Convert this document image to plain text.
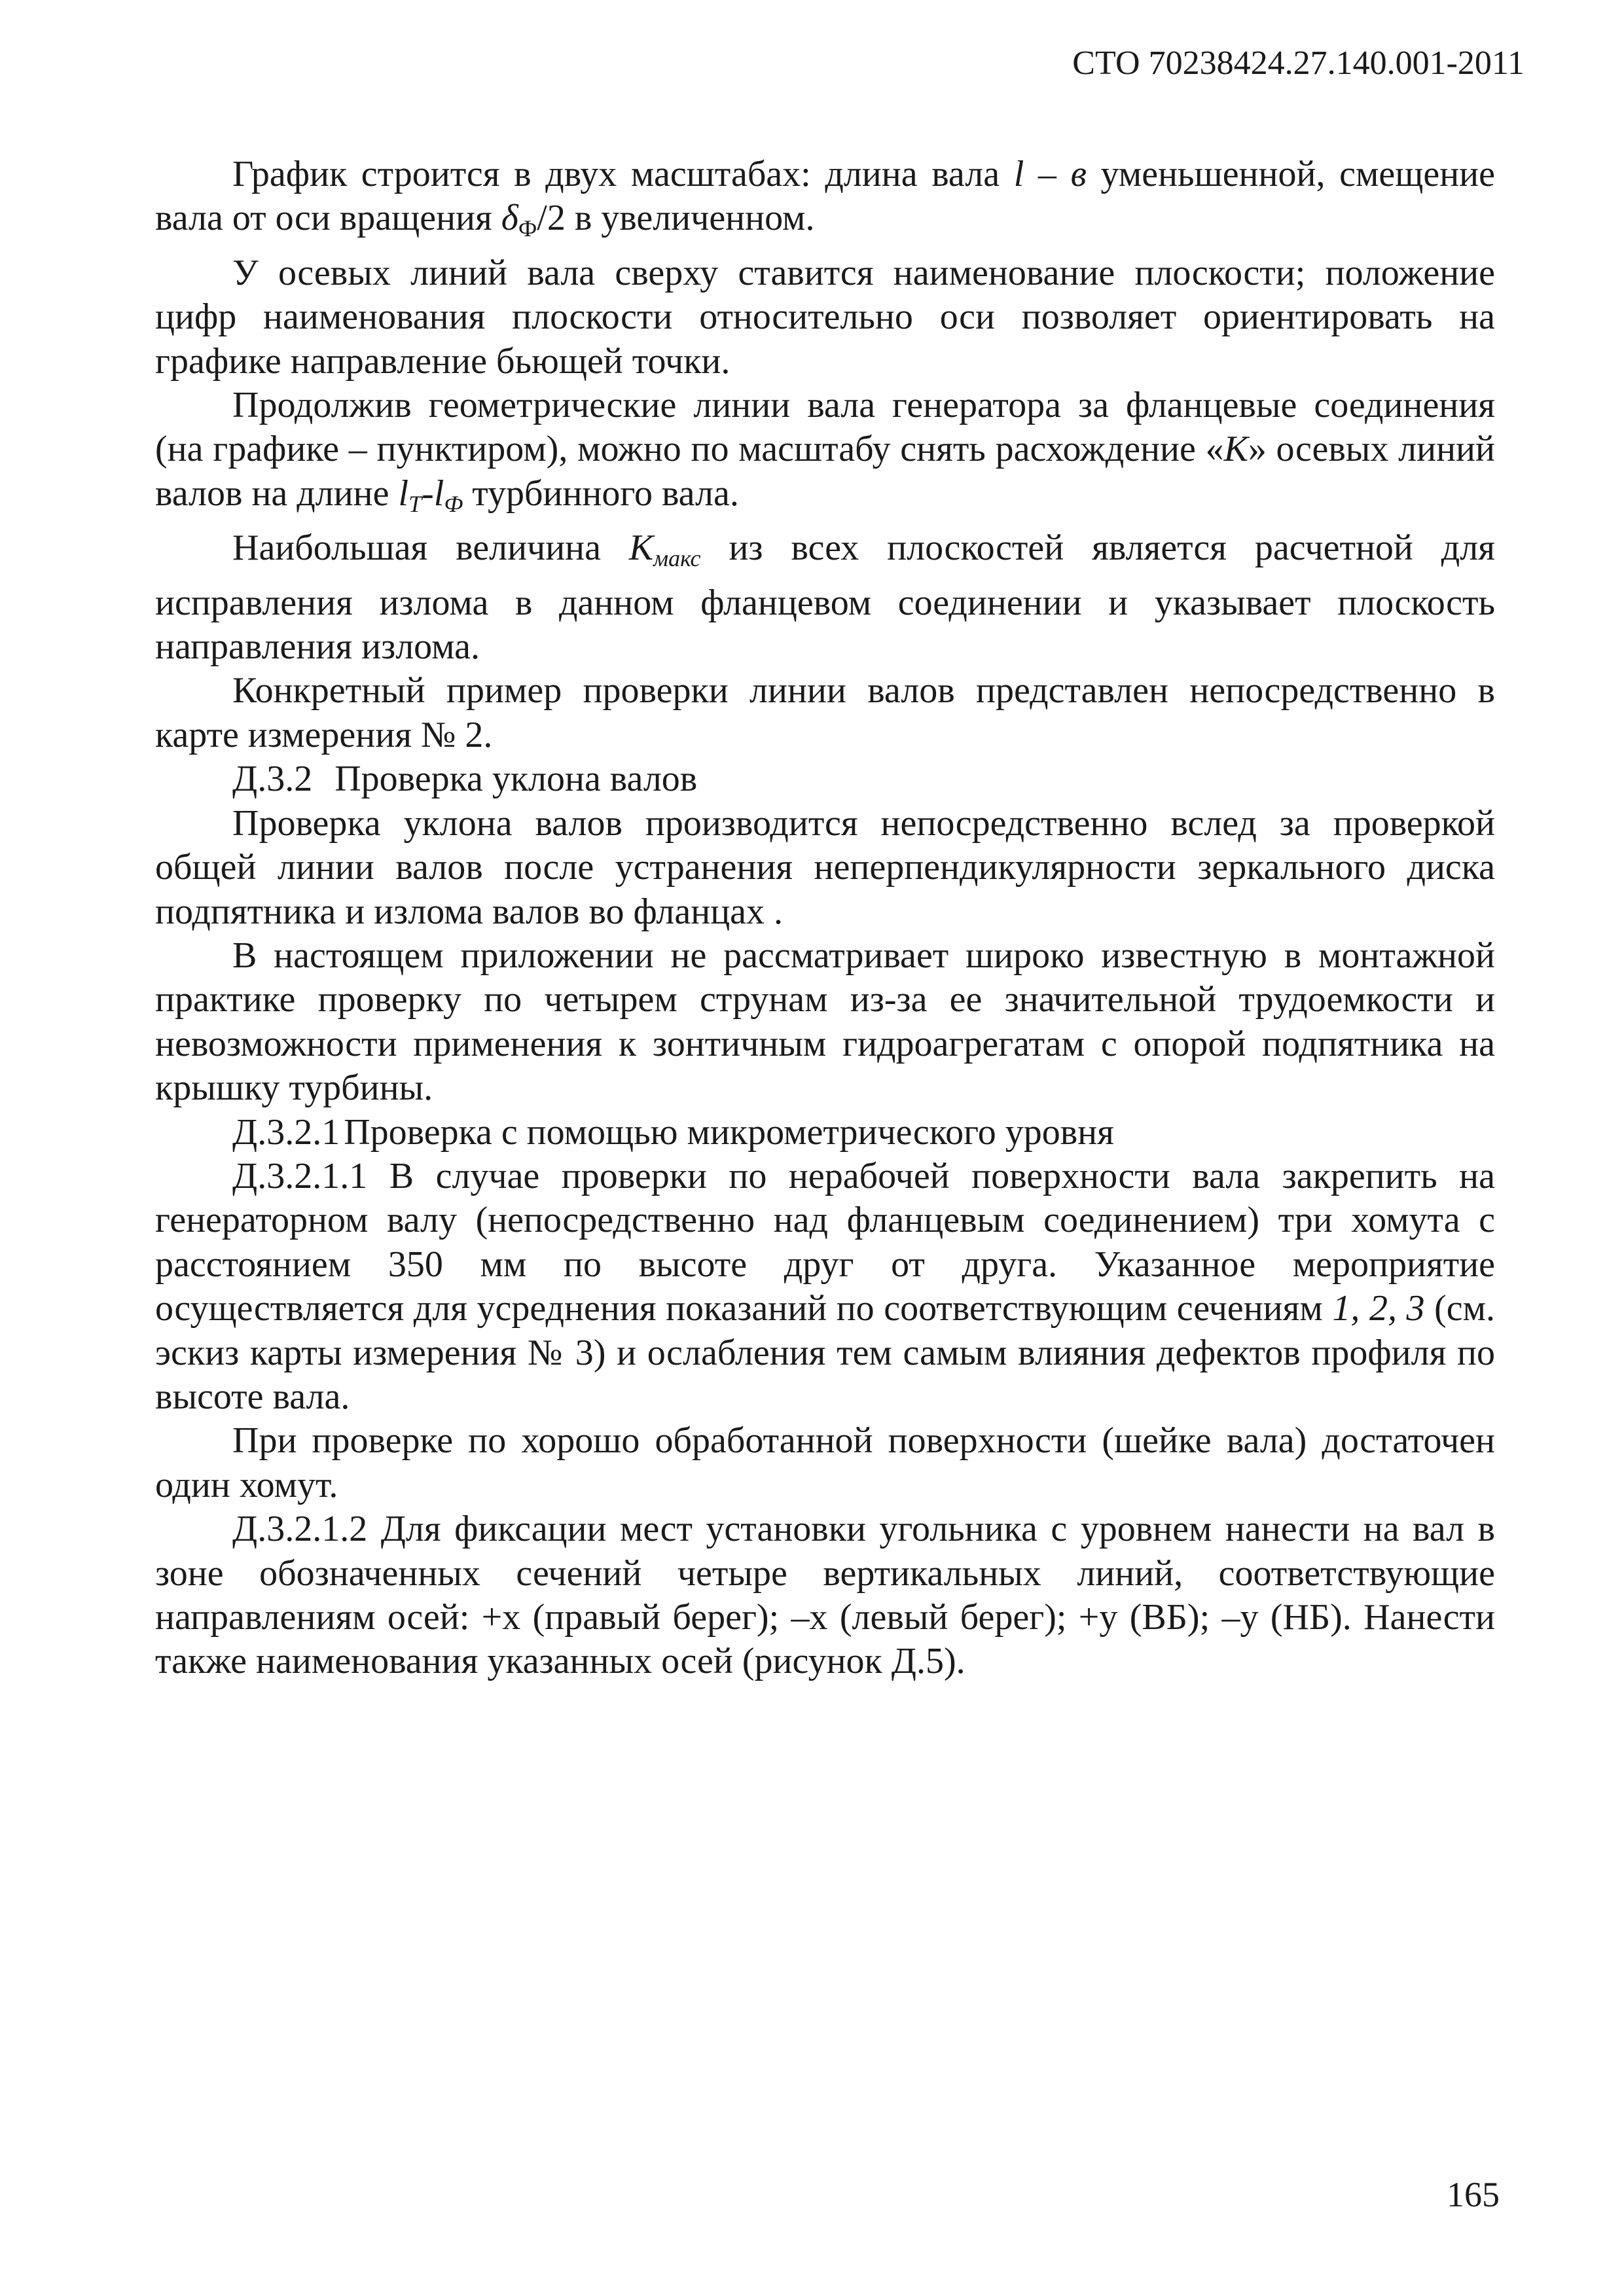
СТО 70238424.27.140.001-2011

График строится в двух масштабах: длина вала l – в уменьшенной, смещение вала от оси вращения $\delta_Ф/2$ в увеличенном.

У осевых линий вала сверху ставится наименование плоскости; положение цифр наименования плоскости относительно оси позволяет ориентировать на графике направление бьющей точки.

Продолжив геометрические линии вала генератора за фланцевые соединения (на графике – пунктиром), можно по масштабу снять расхождение «К» осевых линий валов на длине lT-lФ турбинного вала.

Наибольшая величина Кмакс из всех плоскостей является расчетной для исправления излома в данном фланцевом соединении и указывает плоскость направления излома.

Конкретный пример проверки линии валов представлен непосредственно в карте измерения № 2.

Д.3.2 Проверка уклона валов

Проверка уклона валов производится непосредственно вслед за проверкой общей линии валов после устранения неперпендикулярности зеркального диска подпятника и излома валов во фланцах .

В настоящем приложении не рассматривает широко известную в монтажной практике проверку по четырем струнам из-за ее значительной трудоемкости и невозможности применения к зонтичным гидроагрегатам с опорой подпятника на крышку турбины.

Д.3.2.1 Проверка с помощью микрометрического уровня

Д.3.2.1.1 В случае проверки по нерабочей поверхности вала закрепить на генераторном валу (непосредственно над фланцевым соединением) три хомута с расстоянием 350 мм по высоте друг от друга. Указанное мероприятие осуществляется для усреднения показаний по соответствующим сечениям 1, 2, 3 (см. эскиз карты измерения № 3) и ослабления тем самым влияния дефектов профиля по высоте вала.

При проверке по хорошо обработанной поверхности (шейке вала) достаточен один хомут.

Д.3.2.1.2 Для фиксации мест установки угольника с уровнем нанести на вал в зоне обозначенных сечений четыре вертикальных линий, соответствующие направлениям осей: +х (правый берег); –х (левый берег); +у (ВБ); –у (НБ). Нанести также наименования указанных осей (рисунок Д.5).

165
